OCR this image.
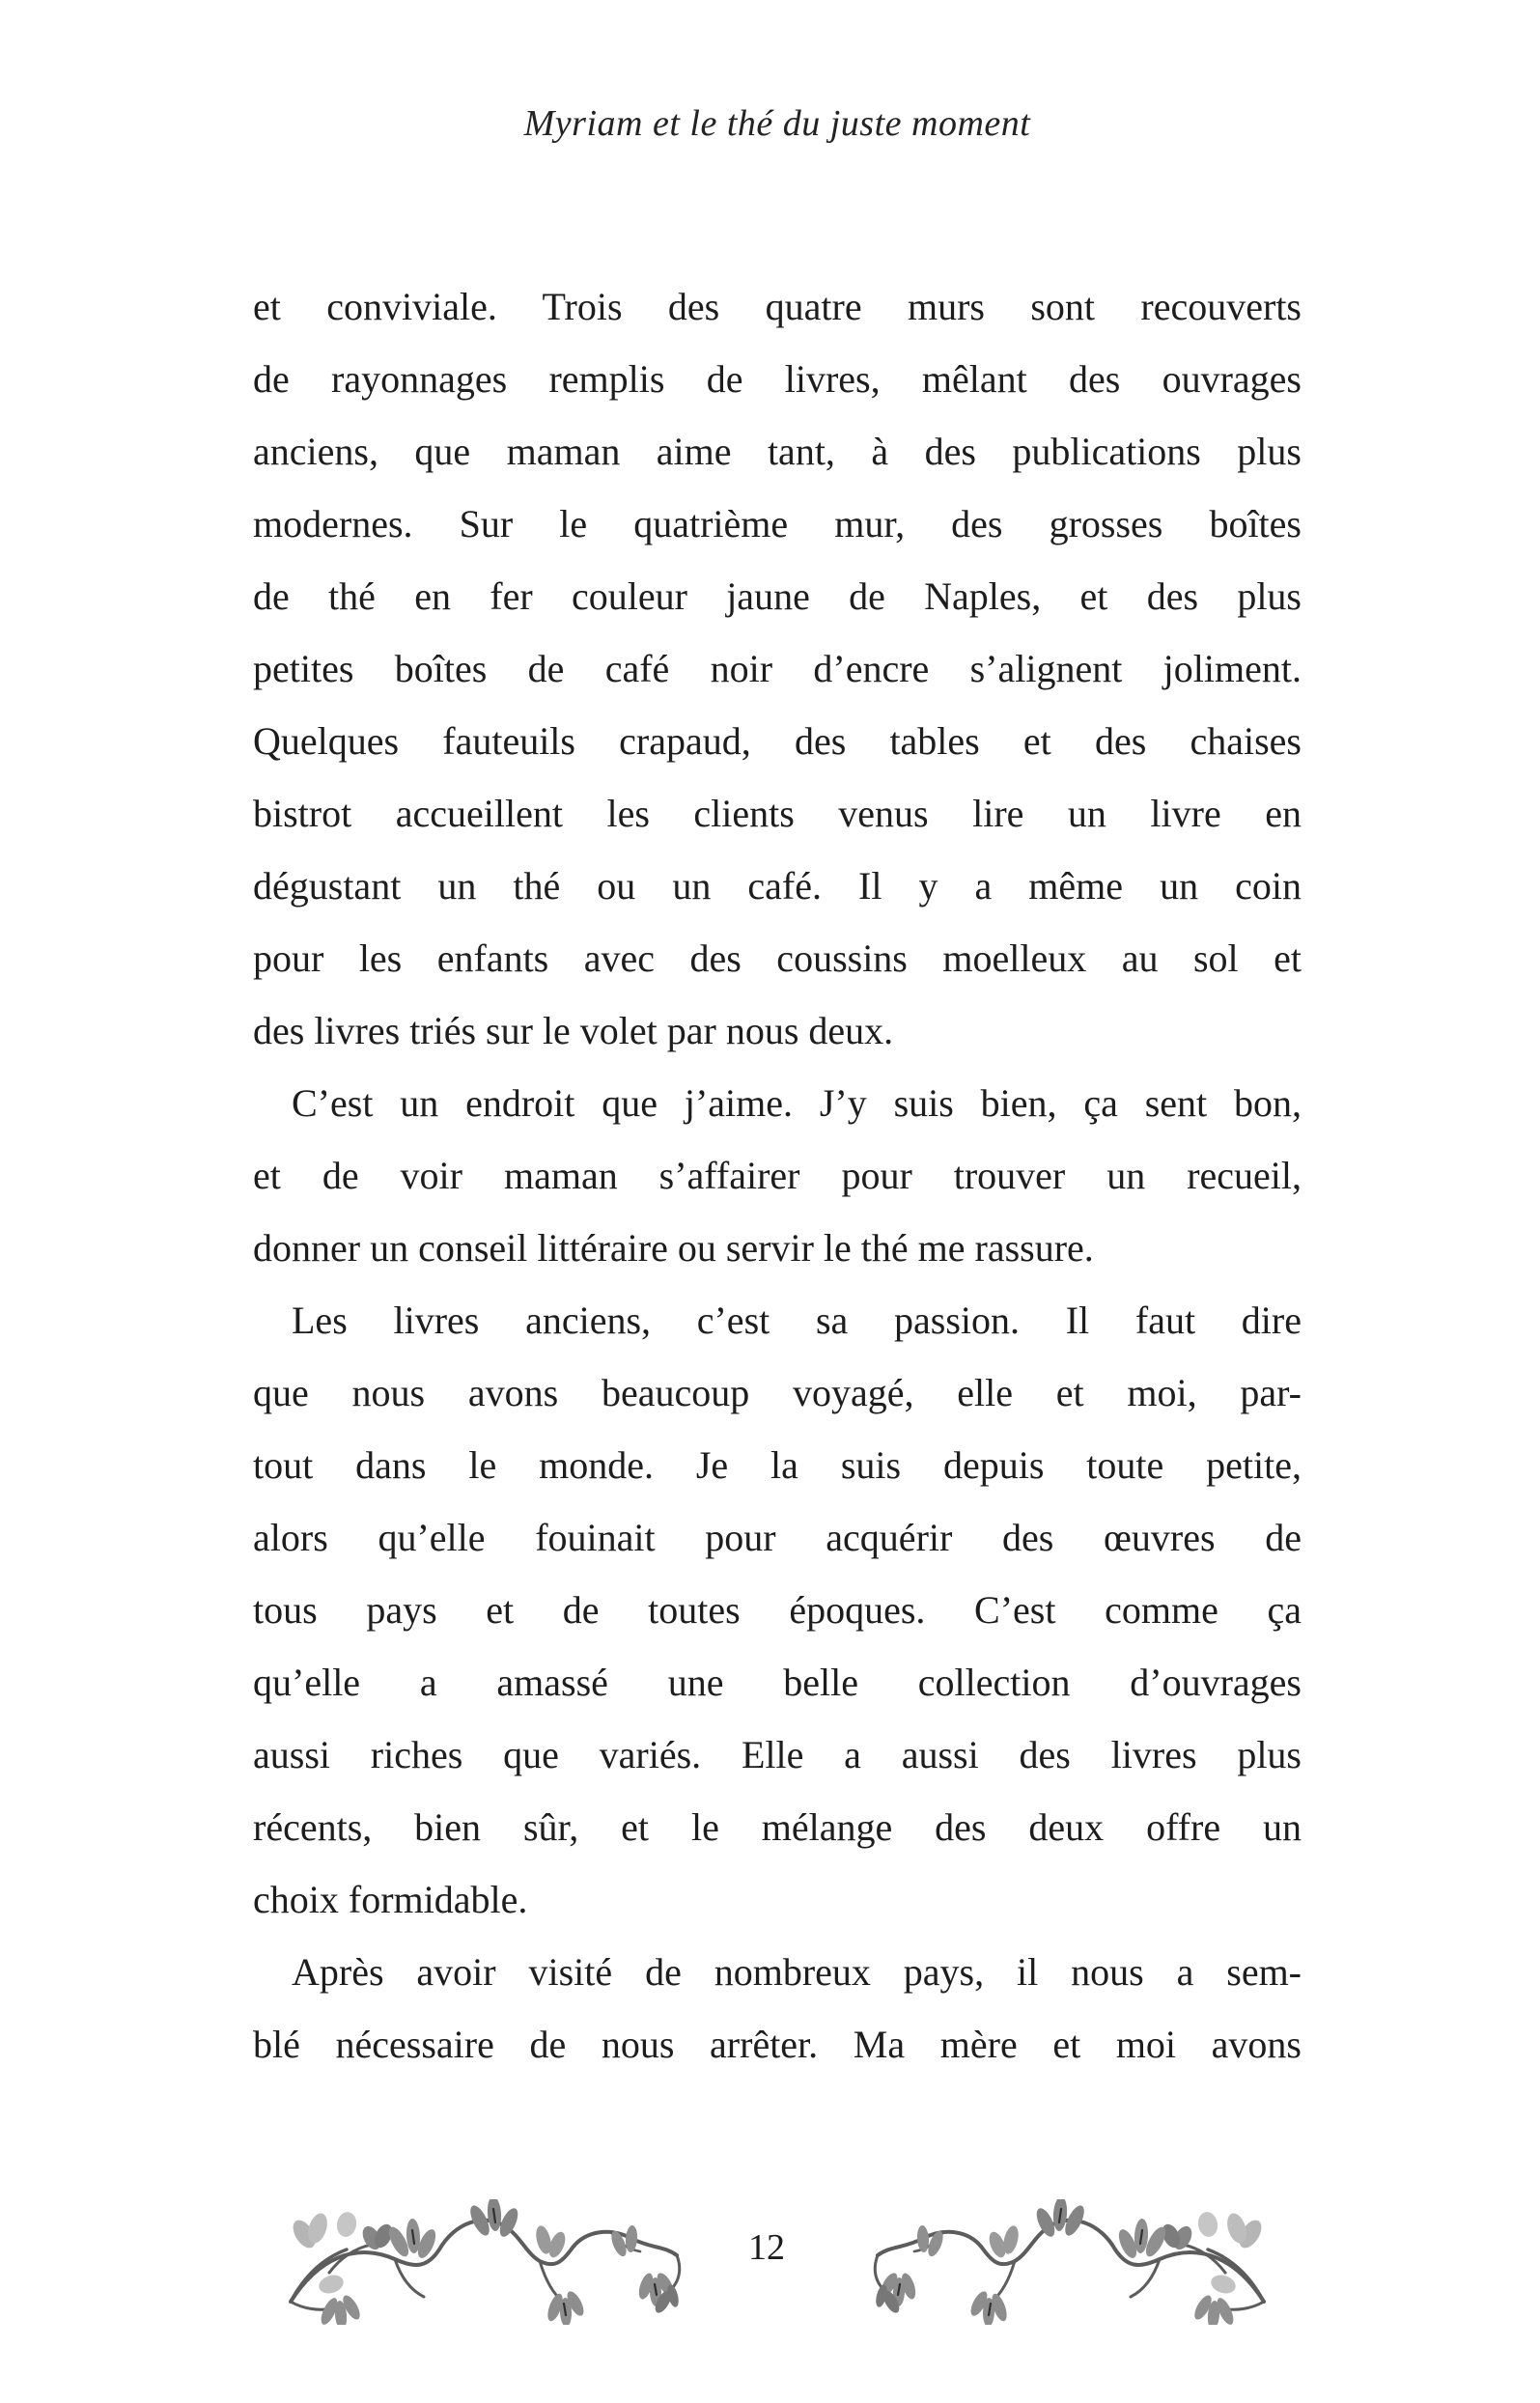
Myriam et le thé du juste moment
et conviviale. Trois des quatre murs sont recouverts
de rayonnages remplis de livres, mêlant des ouvrages
anciens, que maman aime tant, à des publications plus
modernes. Sur le quatrième mur, des grosses boîtes
de thé en fer couleur jaune de Naples, et des plus
petites boîtes de café noir d’encre s’alignent joliment.
Quelques fauteuils crapaud, des tables et des chaises
bistrot accueillent les clients venus lire un livre en
dégustant un thé ou un café. Il y a même un coin
pour les enfants avec des coussins moelleux au sol et
des livres triés sur le volet par nous deux.
C’est un endroit que j’aime. J’y suis bien, ça sent bon,
et de voir maman s’affairer pour trouver un recueil,
donner un conseil littéraire ou servir le thé me rassure.
Les livres anciens, c’est sa passion. Il faut dire
que nous avons beaucoup voyagé, elle et moi, par-
tout dans le monde. Je la suis depuis toute petite,
alors qu’elle fouinait pour acquérir des œuvres de
tous pays et de toutes époques. C’est comme ça
qu’elle a amassé une belle collection d’ouvrages
aussi riches que variés. Elle a aussi des livres plus
récents, bien sûr, et le mélange des deux offre un
choix formidable.
Après avoir visité de nombreux pays, il nous a sem-
blé nécessaire de nous arrêter. Ma mère et moi avons
12
